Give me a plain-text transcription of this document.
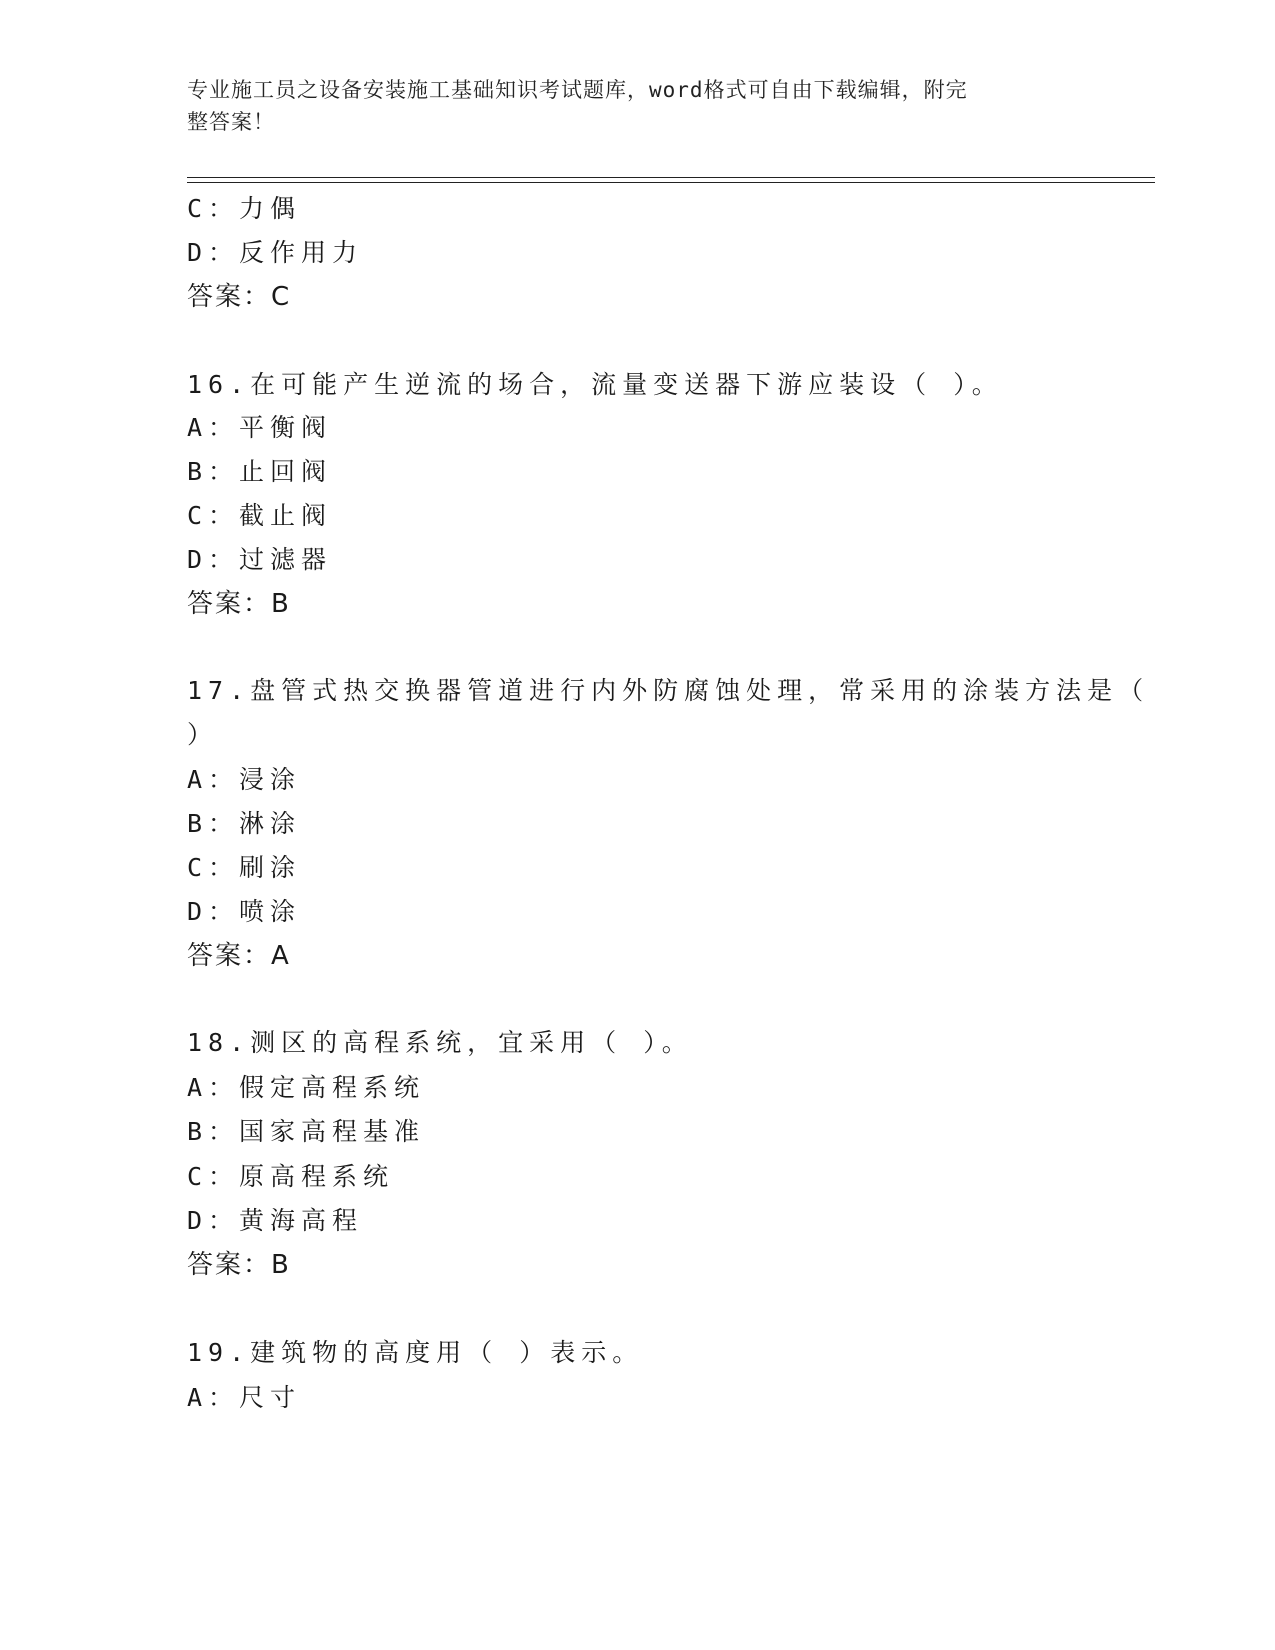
专业施工员之设备安装施工基础知识考试题库，word格式可自由下载编辑，附完
整答案！
C：力偶
D：反作用力
答案：C
16.在可能产生逆流的场合，流量变送器下游应装设（ ）。
A：平衡阀
B：止回阀
C：截止阀
D：过滤器
答案：B
17.盘管式热交换器管道进行内外防腐蚀处理，常采用的涂装方法是（
）
A：浸涂
B：淋涂
C：刷涂
D：喷涂
答案：A
18.测区的高程系统，宜采用（ ）。
A：假定高程系统
B：国家高程基准
C：原高程系统
D：黄海高程
答案：B
19.建筑物的高度用（ ）表示。
A：尺寸
